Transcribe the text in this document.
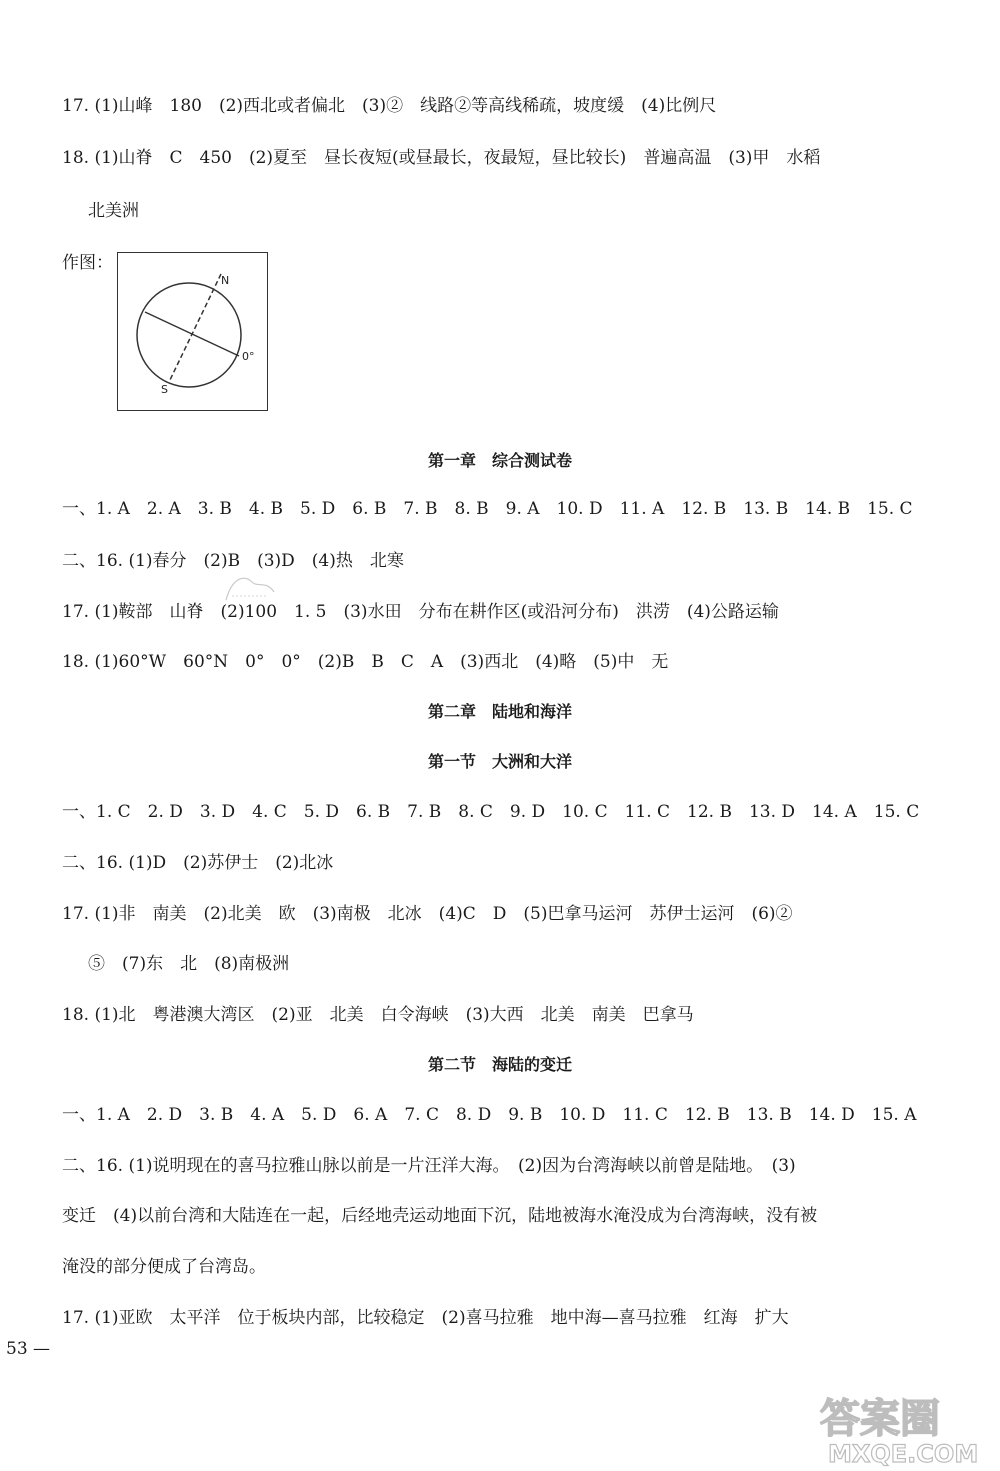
17. (1)山峰　180　(2)西北或者偏北　(3)②　线路②等高线稀疏，坡度缓　(4)比例尺
18. (1)山脊　C　450　(2)夏至　昼长夜短(或昼最长，夜最短，昼比较长)　普遍高温　(3)甲　水稻
北美洲
作图：
N
S
0°
第一章　综合测试卷
一、1. A　2. A　3. B　4. B　5. D　6. B　7. B　8. B　9. A　10. D　11. A　12. B　13. B　14. B　15. C
二、16. (1)春分　(2)B　(3)D　(4)热　北寒
17. (1)鞍部　山脊　(2)100　1. 5　(3)水田　分布在耕作区(或沿河分布)　洪涝　(4)公路运输
18. (1)60°W　60°N　0°　0°　(2)B　B　C　A　(3)西北　(4)略　(5)中　无
第二章　陆地和海洋
第一节　大洲和大洋
一、1. C　2. D　3. D　4. C　5. D　6. B　7. B　8. C　9. D　10. C　11. C　12. B　13. D　14. A　15. C
二、16. (1)D　(2)苏伊士　(2)北冰
17. (1)非　南美　(2)北美　欧　(3)南极　北冰　(4)C　D　(5)巴拿马运河　苏伊士运河　(6)②
⑤　(7)东　北　(8)南极洲
18. (1)北　粤港澳大湾区　(2)亚　北美　白令海峡　(3)大西　北美　南美　巴拿马
第二节　海陆的变迁
一、1. A　2. D　3. B　4. A　5. D　6. A　7. C　8. D　9. B　10. D　11. C　12. B　13. B　14. D　15. A
二、16. (1)说明现在的喜马拉雅山脉以前是一片汪洋大海。　(2)因为台湾海峡以前曾是陆地。　(3)
变迁　(4)以前台湾和大陆连在一起，后经地壳运动地面下沉，陆地被海水淹没成为台湾海峡，没有被
淹没的部分便成了台湾岛。
17. (1)亚欧　太平洋　位于板块内部，比较稳定　(2)喜马拉雅　地中海—喜马拉雅　红海　扩大
53 —
答案圈
MXQE.COM
